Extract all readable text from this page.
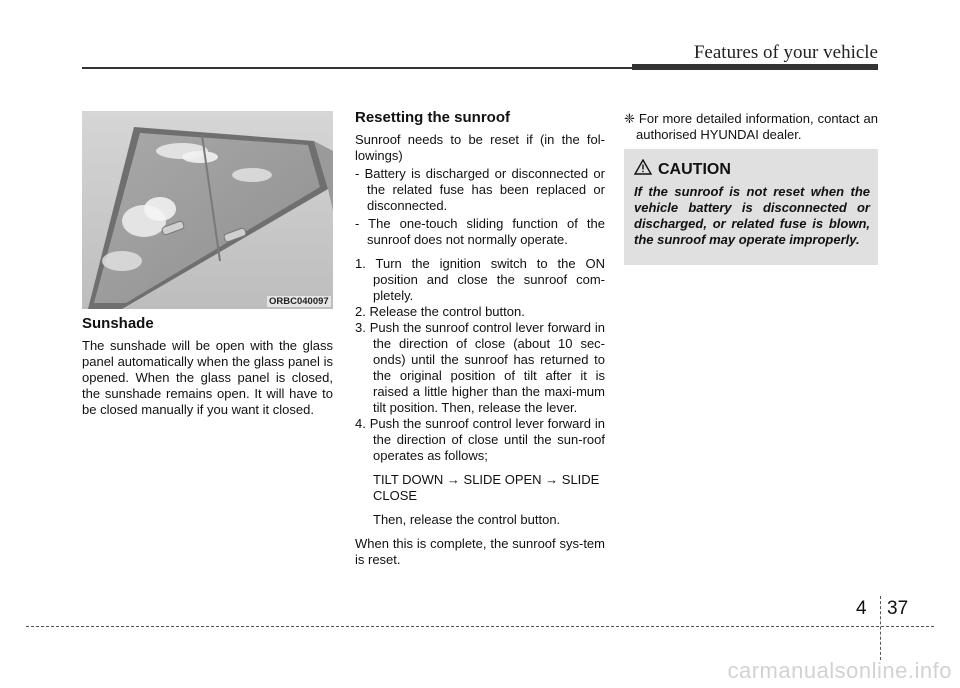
Features of your vehicle
ORBC040097
Sunshade

The sunshade will be open with the glass panel automatically when the glass panel is opened. When the glass panel is closed, the sunshade remains open. It will have to be closed manually if you want it closed.

Resetting the sunroof

Sunroof needs to be reset if (in the fol-lowings)

- Battery is discharged or disconnected or the related fuse has been replaced or disconnected.

- The one-touch sliding function of the sunroof does not normally operate.

1. Turn the ignition switch to the ON position and close the sunroof com-pletely.

2. Release the control button.

3. Push the sunroof control lever forward in the direction of close (about 10 sec-onds) until the sunroof has returned to the original position of tilt after it is raised a little higher than the maxi-mum tilt position. Then, release the lever.

4. Push the sunroof control lever forward in the direction of close until the sun-roof operates as follows;

TILT DOWN → SLIDE OPEN → SLIDE CLOSE

Then, release the control button.

When this is complete, the sunroof sys-tem is reset.

❈ For more detailed information, contact an authorised HYUNDAI dealer.

CAUTION

If the sunroof is not reset when the vehicle battery is disconnected or discharged, or related fuse is blown, the sunroof may operate improperly.

4 37
carmanualsonline.info
